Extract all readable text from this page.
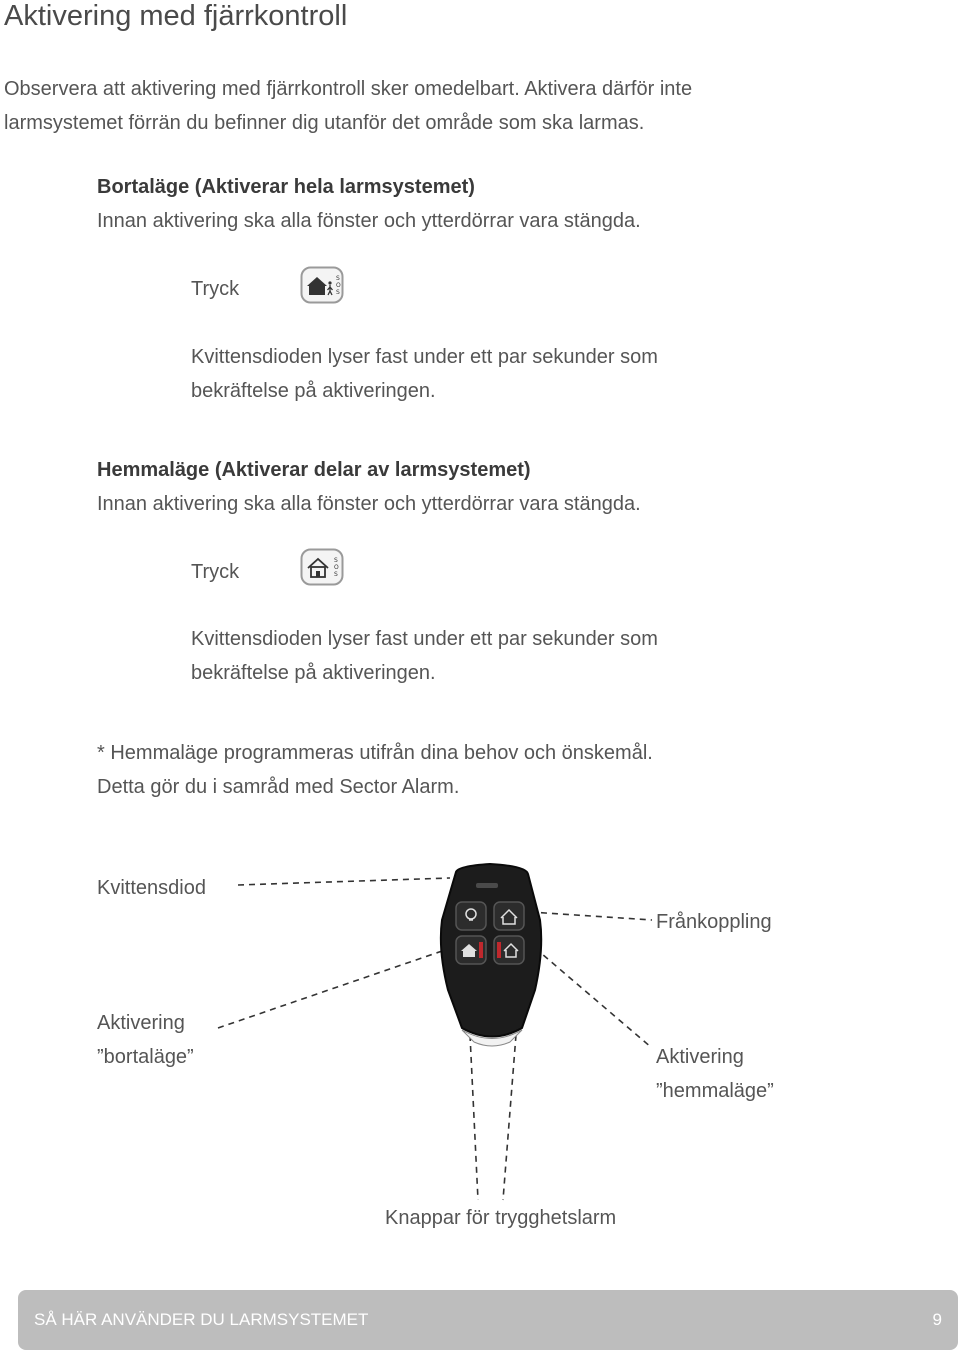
Aktivering med fjärrkontroll
Observera att aktivering med fjärrkontroll sker omedelbart. Aktivera därför inte
larmsystemet förrän du befinner dig utanför det område som ska larmas.
Bortaläge (Aktiverar hela larmsystemet)
Innan aktivering ska alla fönster och ytterdörrar vara stängda.
Tryck	S
O
S
Kvittensdioden lyser fast under ett par sekunder som
bekräftelse på aktiveringen.
Hemmaläge (Aktiverar delar av larmsystemet)
Innan aktivering ska alla fönster och ytterdörrar vara stängda.
Tryck
S
O
S
Kvittensdioden lyser fast under ett par sekunder som
bekräftelse på aktiveringen.
* Hemmaläge programmeras utifrån dina behov och önskemål.
Detta gör du i samråd med Sector Alarm.
Kvittensdiod
Frånkoppling
Aktivering
”bortaläge”	Aktivering
”hemmaläge”
Knappar för trygghetslarm
SÅ HÄR ANVÄNDER DU LARMSYSTEMET	9
